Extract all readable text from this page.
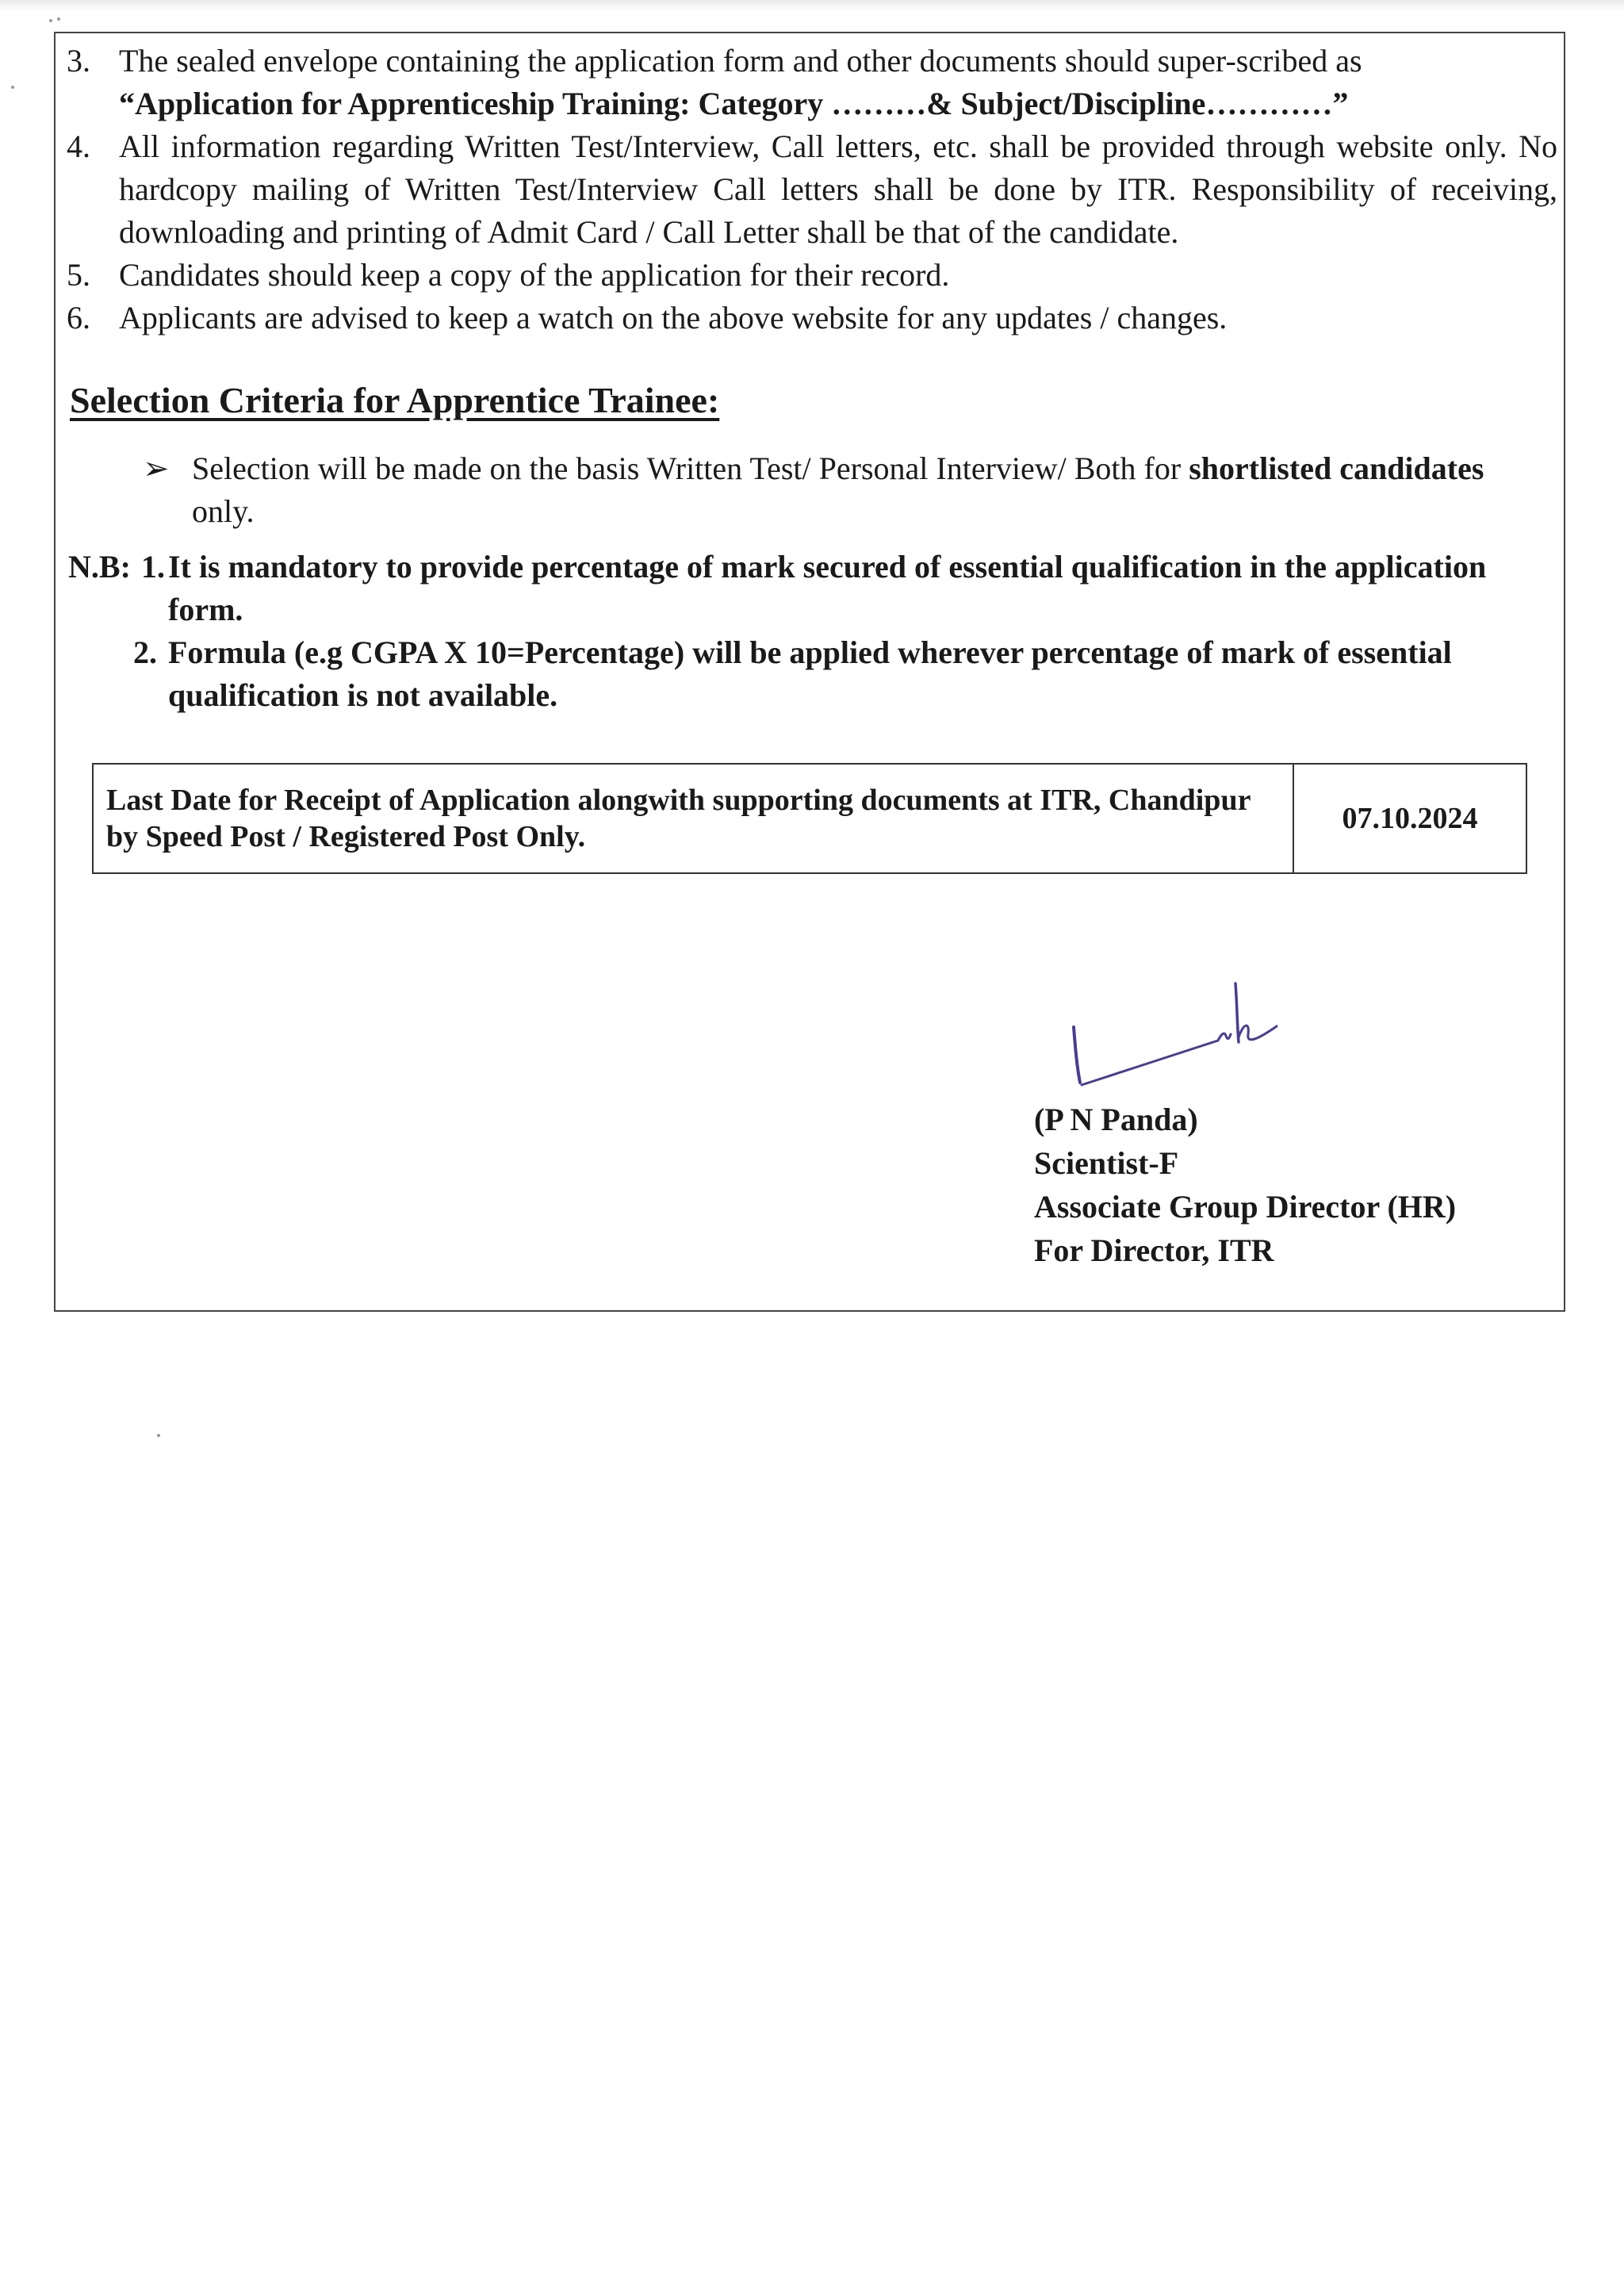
3. The sealed envelope containing the application form and other documents should super-scribed as
“Application for Apprenticeship Training: Category ………& Subject/Discipline…………”
4. All information regarding Written Test/Interview, Call letters, etc. shall be provided through website only. No hardcopy mailing of Written Test/Interview Call letters shall be done by ITR. Responsibility of receiving, downloading and printing of Admit Card / Call Letter shall be that of the candidate.
5. Candidates should keep a copy of the application for their record.
6. Applicants are advised to keep a watch on the above website for any updates / changes.
Selection Criteria for Apprentice Trainee:
➢ Selection will be made on the basis Written Test/ Personal Interview/ Both for shortlisted candidates
only.
N.B: 1. It is mandatory to provide percentage of mark secured of essential qualification in the application form.
2. Formula (e.g CGPA X 10=Percentage) will be applied wherever percentage of mark of essential qualification is not available.
Last Date for Receipt of Application alongwith supporting documents at ITR, Chandipur
by Speed Post / Registered Post Only.	07.10.2024
(P N Panda)
Scientist-F
Associate Group Director (HR)
For Director, ITR
